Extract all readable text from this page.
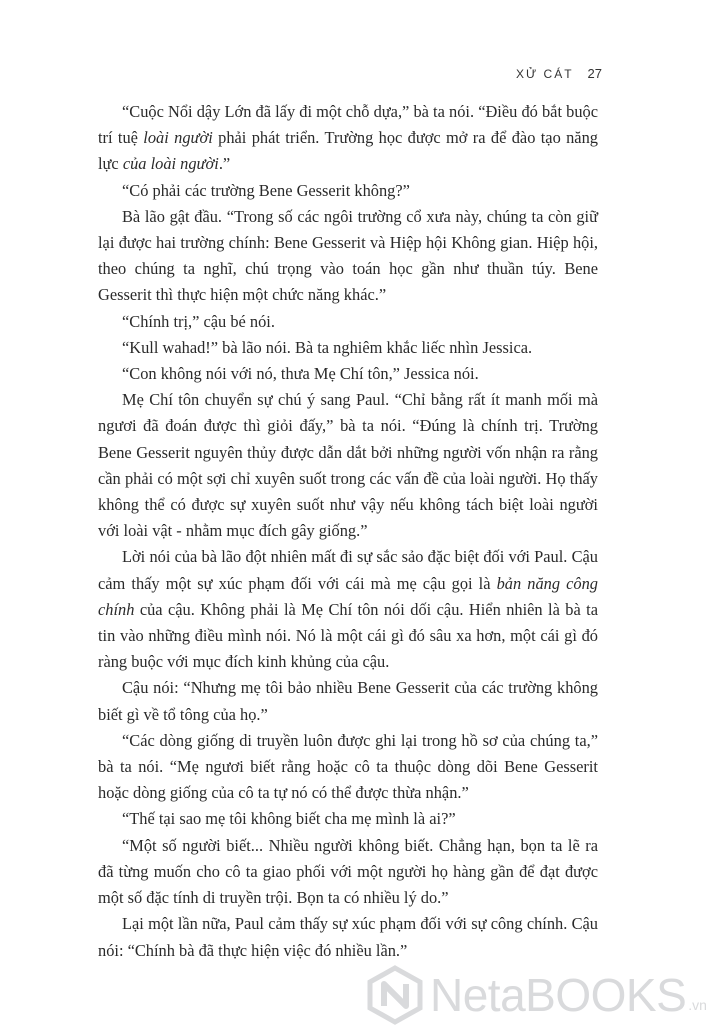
XỬ CÁT 27

“Cuộc Nổi dậy Lớn đã lấy đi một chỗ dựa,” bà ta nói. “Điều đó bắt buộc trí tuệ loài người phải phát triển. Trường học được mở ra để đào tạo năng lực của loài người.”

“Có phải các trường Bene Gesserit không?”

Bà lão gật đầu. “Trong số các ngôi trường cổ xưa này, chúng ta còn giữ lại được hai trường chính: Bene Gesserit và Hiệp hội Không gian. Hiệp hội, theo chúng ta nghĩ, chú trọng vào toán học gần như thuần túy. Bene Gesserit thì thực hiện một chức năng khác.”

“Chính trị,” cậu bé nói.

“Kull wahad!” bà lão nói. Bà ta nghiêm khắc liếc nhìn Jessica.

“Con không nói với nó, thưa Mẹ Chí tôn,” Jessica nói.

Mẹ Chí tôn chuyển sự chú ý sang Paul. “Chỉ bằng rất ít manh mối mà ngươi đã đoán được thì giỏi đấy,” bà ta nói. “Đúng là chính trị. Trường Bene Gesserit nguyên thủy được dẫn dắt bởi những người vốn nhận ra rằng cần phải có một sợi chỉ xuyên suốt trong các vấn đề của loài người. Họ thấy không thể có được sự xuyên suốt như vậy nếu không tách biệt loài người với loài vật - nhằm mục đích gây giống.”

Lời nói của bà lão đột nhiên mất đi sự sắc sảo đặc biệt đối với Paul. Cậu cảm thấy một sự xúc phạm đối với cái mà mẹ cậu gọi là bản năng công chính của cậu. Không phải là Mẹ Chí tôn nói dối cậu. Hiển nhiên là bà ta tin vào những điều mình nói. Nó là một cái gì đó sâu xa hơn, một cái gì đó ràng buộc với mục đích kinh khủng của cậu.

Cậu nói: “Nhưng mẹ tôi bảo nhiều Bene Gesserit của các trường không biết gì về tổ tông của họ.”

“Các dòng giống di truyền luôn được ghi lại trong hồ sơ của chúng ta,” bà ta nói. “Mẹ ngươi biết rằng hoặc cô ta thuộc dòng dõi Bene Gesserit hoặc dòng giống của cô ta tự nó có thể được thừa nhận.”

“Thế tại sao mẹ tôi không biết cha mẹ mình là ai?”

“Một số người biết... Nhiều người không biết. Chẳng hạn, bọn ta lẽ ra đã từng muốn cho cô ta giao phối với một người họ hàng gần để đạt được một số đặc tính di truyền trội. Bọn ta có nhiều lý do.”

Lại một lần nữa, Paul cảm thấy sự xúc phạm đối với sự công chính. Cậu nói: “Chính bà đã thực hiện việc đó nhiều lần.”

NetaBOOKS .vn
